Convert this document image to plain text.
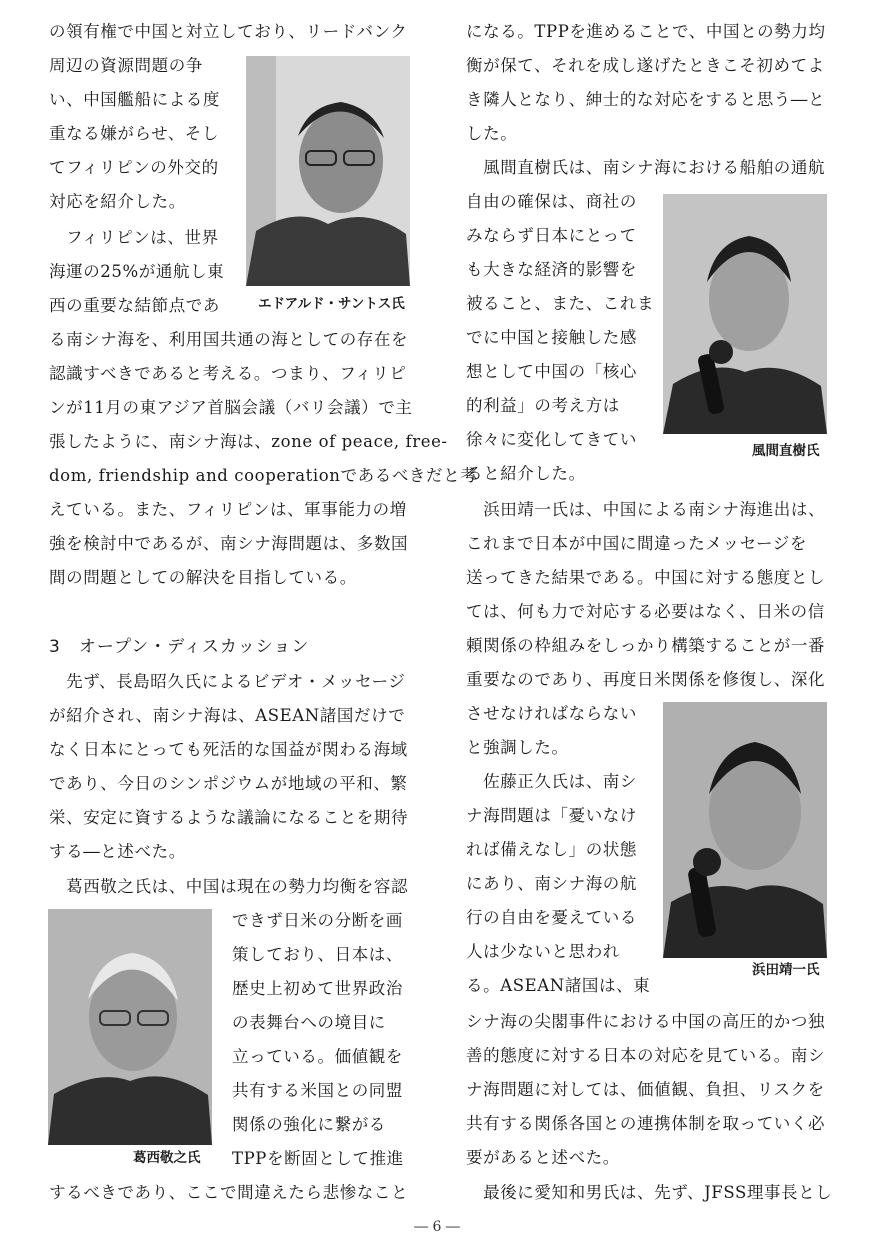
の領有権で中国と対立しており、リードバンク
周辺の資源問題の争
い、中国艦船による度
重なる嫌がらせ、そし
てフィリピンの外交的
対応を紹介した。
　フィリピンは、世界
海運の25%が通航し東
西の重要な結節点であ
る南シナ海を、利用国共通の海としての存在を
認識すべきであると考える。つまり、フィリピ
ンが11月の東アジア首脳会議（バリ会議）で主
張したように、南シナ海は、zone of peace, free-
dom, friendship and cooperationであるべきだと考
えている。また、フィリピンは、軍事能力の増
強を検討中であるが、南シナ海問題は、多数国
間の問題としての解決を目指している。
3　オープン・ディスカッション
　先ず、長島昭久氏によるビデオ・メッセージ
が紹介され、南シナ海は、ASEAN諸国だけで
なく日本にとっても死活的な国益が関わる海域
であり、今日のシンポジウムが地域の平和、繁
栄、安定に資するような議論になることを期待
する―と述べた。
　葛西敬之氏は、中国は現在の勢力均衡を容認
できず日米の分断を画
策しており、日本は、
歴史上初めて世界政治
の表舞台への境目に
立っている。価値観を
共有する米国との同盟
関係の強化に繋がる
TPPを断固として推進
するべきであり、ここで間違えたら悲惨なこと
エドアルド・サントス氏
葛西敬之氏
になる。TPPを進めることで、中国との勢力均
衡が保て、それを成し遂げたときこそ初めてよ
き隣人となり、紳士的な対応をすると思う―と
した。
　風間直樹氏は、南シナ海における船舶の通航
自由の確保は、商社の
みならず日本にとって
も大きな経済的影響を
被ること、また、これま
でに中国と接触した感
想として中国の「核心
的利益」の考え方は
徐々に変化してきてい
ると紹介した。
　浜田靖一氏は、中国による南シナ海進出は、
これまで日本が中国に間違ったメッセージを
送ってきた結果である。中国に対する態度とし
ては、何も力で対応する必要はなく、日米の信
頼関係の枠組みをしっかり構築することが一番
重要なのであり、再度日米関係を修復し、深化
させなければならない
と強調した。
　佐藤正久氏は、南シ
ナ海問題は「憂いなけ
れば備えなし」の状態
にあり、南シナ海の航
行の自由を憂えている
人は少ないと思われ
る。ASEAN諸国は、東
シナ海の尖閣事件における中国の高圧的かつ独
善的態度に対する日本の対応を見ている。南シ
ナ海問題に対しては、価値観、負担、リスクを
共有する関係各国との連携体制を取っていく必
要があると述べた。
　最後に愛知和男氏は、先ず、JFSS理事長とし
風間直樹氏
浜田靖一氏
― 6 ―
